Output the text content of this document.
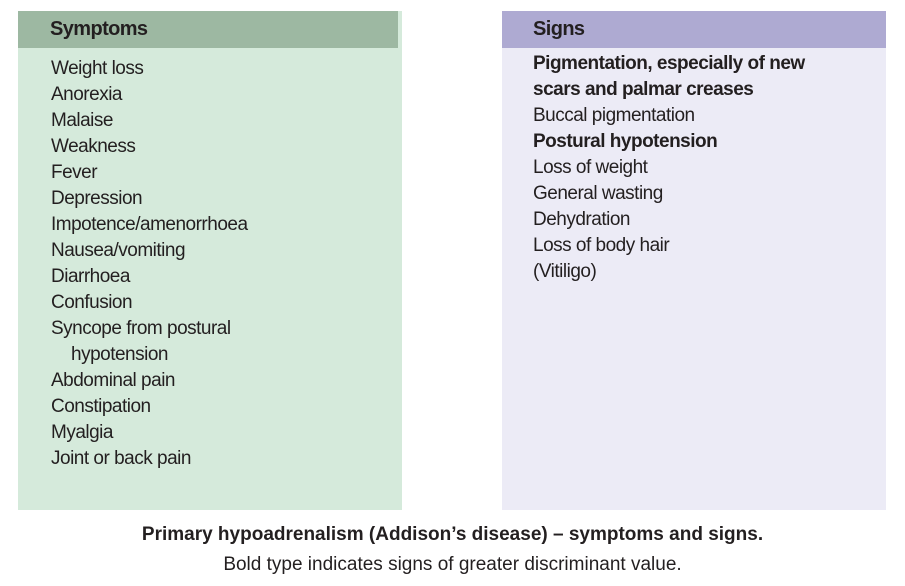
Symptoms
Weight loss
Anorexia
Malaise
Weakness
Fever
Depression
Impotence/amenorrhoea
Nausea/vomiting
Diarrhoea
Confusion
Syncope from postural
hypotension
Abdominal pain
Constipation
Myalgia
Joint or back pain
Signs
Pigmentation, especially of new
scars and palmar creases
Buccal pigmentation
Postural hypotension
Loss of weight
General wasting
Dehydration
Loss of body hair
(Vitiligo)
Primary hypoadrenalism (Addison’s disease) – symptoms and signs.
Bold type indicates signs of greater discriminant value.
